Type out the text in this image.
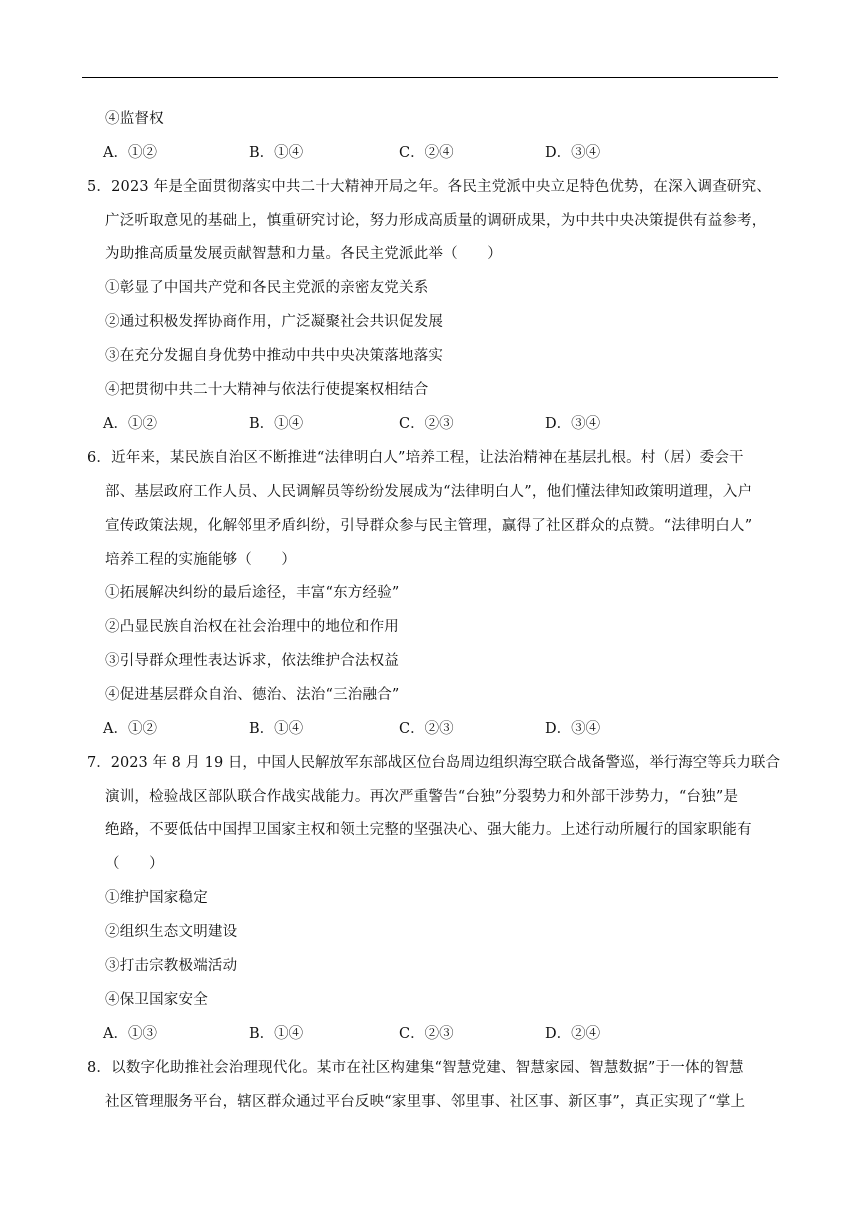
④监督权
A．①②	B．①④	C．②④	D．③④
5．2023 年是全面贯彻落实中共二十大精神开局之年。各民主党派中央立足特色优势，在深入调查研究、
广泛听取意见的基础上，慎重研究讨论，努力形成高质量的调研成果，为中共中央决策提供有益参考，
为助推高质量发展贡献智慧和力量。各民主党派此举（　　）
①彰显了中国共产党和各民主党派的亲密友党关系
②通过积极发挥协商作用，广泛凝聚社会共识促发展
③在充分发掘自身优势中推动中共中央决策落地落实
④把贯彻中共二十大精神与依法行使提案权相结合
A．①②	B．①④	C．②③	D．③④
6．近年来，某民族自治区不断推进“法律明白人”培养工程，让法治精神在基层扎根。村（居）委会干
部、基层政府工作人员、人民调解员等纷纷发展成为“法律明白人”，他们懂法律知政策明道理，入户
宣传政策法规，化解邻里矛盾纠纷，引导群众参与民主管理，赢得了社区群众的点赞。“法律明白人”
培养工程的实施能够（　　）
①拓展解决纠纷的最后途径，丰富“东方经验”
②凸显民族自治权在社会治理中的地位和作用
③引导群众理性表达诉求，依法维护合法权益
④促进基层群众自治、德治、法治“三治融合”
A．①②	B．①④	C．②③	D．③④
7．2023 年 8 月 19 日，中国人民解放军东部战区位台岛周边组织海空联合战备警巡，举行海空等兵力联合
演训，检验战区部队联合作战实战能力。再次严重警告“台独”分裂势力和外部干涉势力，“台独”是
绝路，不要低估中国捍卫国家主权和领土完整的坚强决心、强大能力。上述行动所履行的国家职能有
（　　）
①维护国家稳定
②组织生态文明建设
③打击宗教极端活动
④保卫国家安全
A．①③	B．①④	C．②③	D．②④
8．以数字化助推社会治理现代化。某市在社区构建集“智慧党建、智慧家园、智慧数据”于一体的智慧
社区管理服务平台，辖区群众通过平台反映“家里事、邻里事、社区事、新区事”，真正实现了“掌上
